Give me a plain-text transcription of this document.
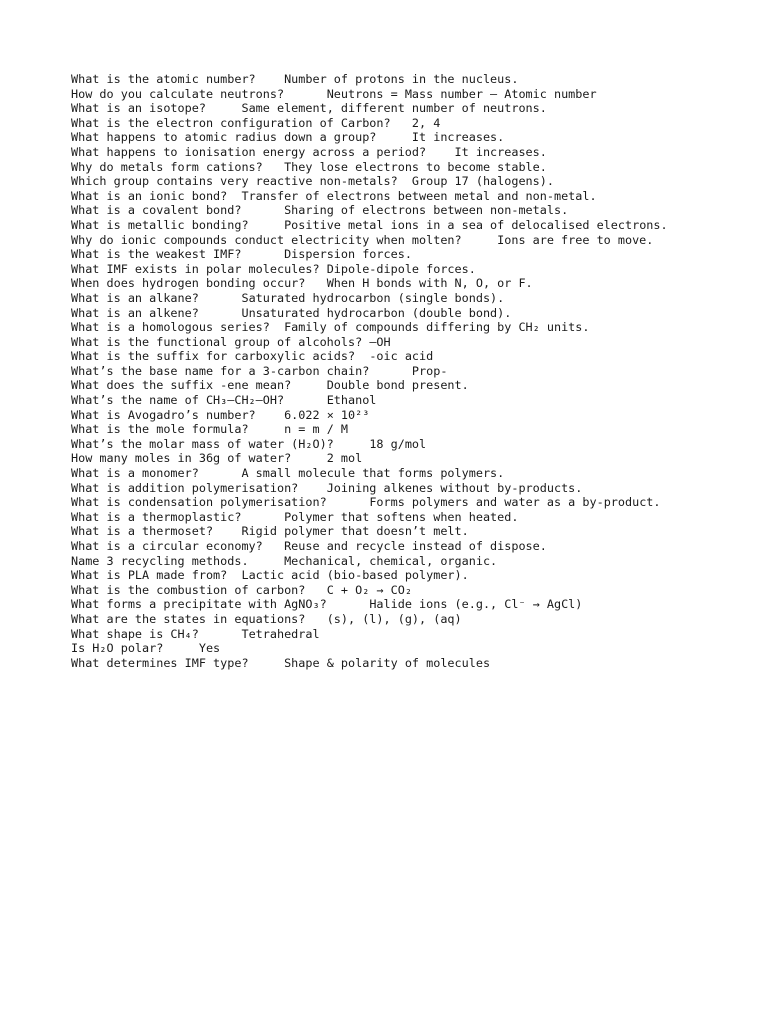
What is the atomic number?	Number of protons in the nucleus.
How do you calculate neutrons?	Neutrons = Mass number – Atomic number
What is an isotope?	Same element, different number of neutrons.
What is the electron configuration of Carbon?	2, 4
What happens to atomic radius down a group?	It increases.
What happens to ionisation energy across a period?	It increases.
Why do metals form cations?	They lose electrons to become stable.
Which group contains very reactive non-metals?	Group 17 (halogens).
What is an ionic bond?	Transfer of electrons between metal and non-metal.
What is a covalent bond?	Sharing of electrons between non-metals.
What is metallic bonding?	Positive metal ions in a sea of delocalised electrons.
Why do ionic compounds conduct electricity when molten?	Ions are free to move.
What is the weakest IMF?	Dispersion forces.
What IMF exists in polar molecules?	Dipole-dipole forces.
When does hydrogen bonding occur?	When H bonds with N, O, or F.
What is an alkane?	Saturated hydrocarbon (single bonds).
What is an alkene?	Unsaturated hydrocarbon (double bond).
What is a homologous series?	Family of compounds differing by CH₂ units.
What is the functional group of alcohols?	–OH
What is the suffix for carboxylic acids?	-oic acid
What’s the base name for a 3-carbon chain?	Prop-
What does the suffix -ene mean?	Double bond present.
What’s the name of CH₃–CH₂–OH?	Ethanol
What is Avogadro’s number?	6.022 × 10²³
What is the mole formula?	n = m / M
What’s the molar mass of water (H₂O)?	18 g/mol
How many moles in 36g of water?	2 mol
What is a monomer?	A small molecule that forms polymers.
What is addition polymerisation?	Joining alkenes without by-products.
What is condensation polymerisation?	Forms polymers and water as a by-product.
What is a thermoplastic?	Polymer that softens when heated.
What is a thermoset?	Rigid polymer that doesn’t melt.
What is a circular economy?	Reuse and recycle instead of dispose.
Name 3 recycling methods.	Mechanical, chemical, organic.
What is PLA made from?	Lactic acid (bio-based polymer).
What is the combustion of carbon?	C + O₂ → CO₂
What forms a precipitate with AgNO₃?	Halide ions (e.g., Cl⁻ → AgCl)
What are the states in equations?	(s), (l), (g), (aq)
What shape is CH₄?	Tetrahedral
Is H₂O polar?	Yes
What determines IMF type?	Shape & polarity of molecules
